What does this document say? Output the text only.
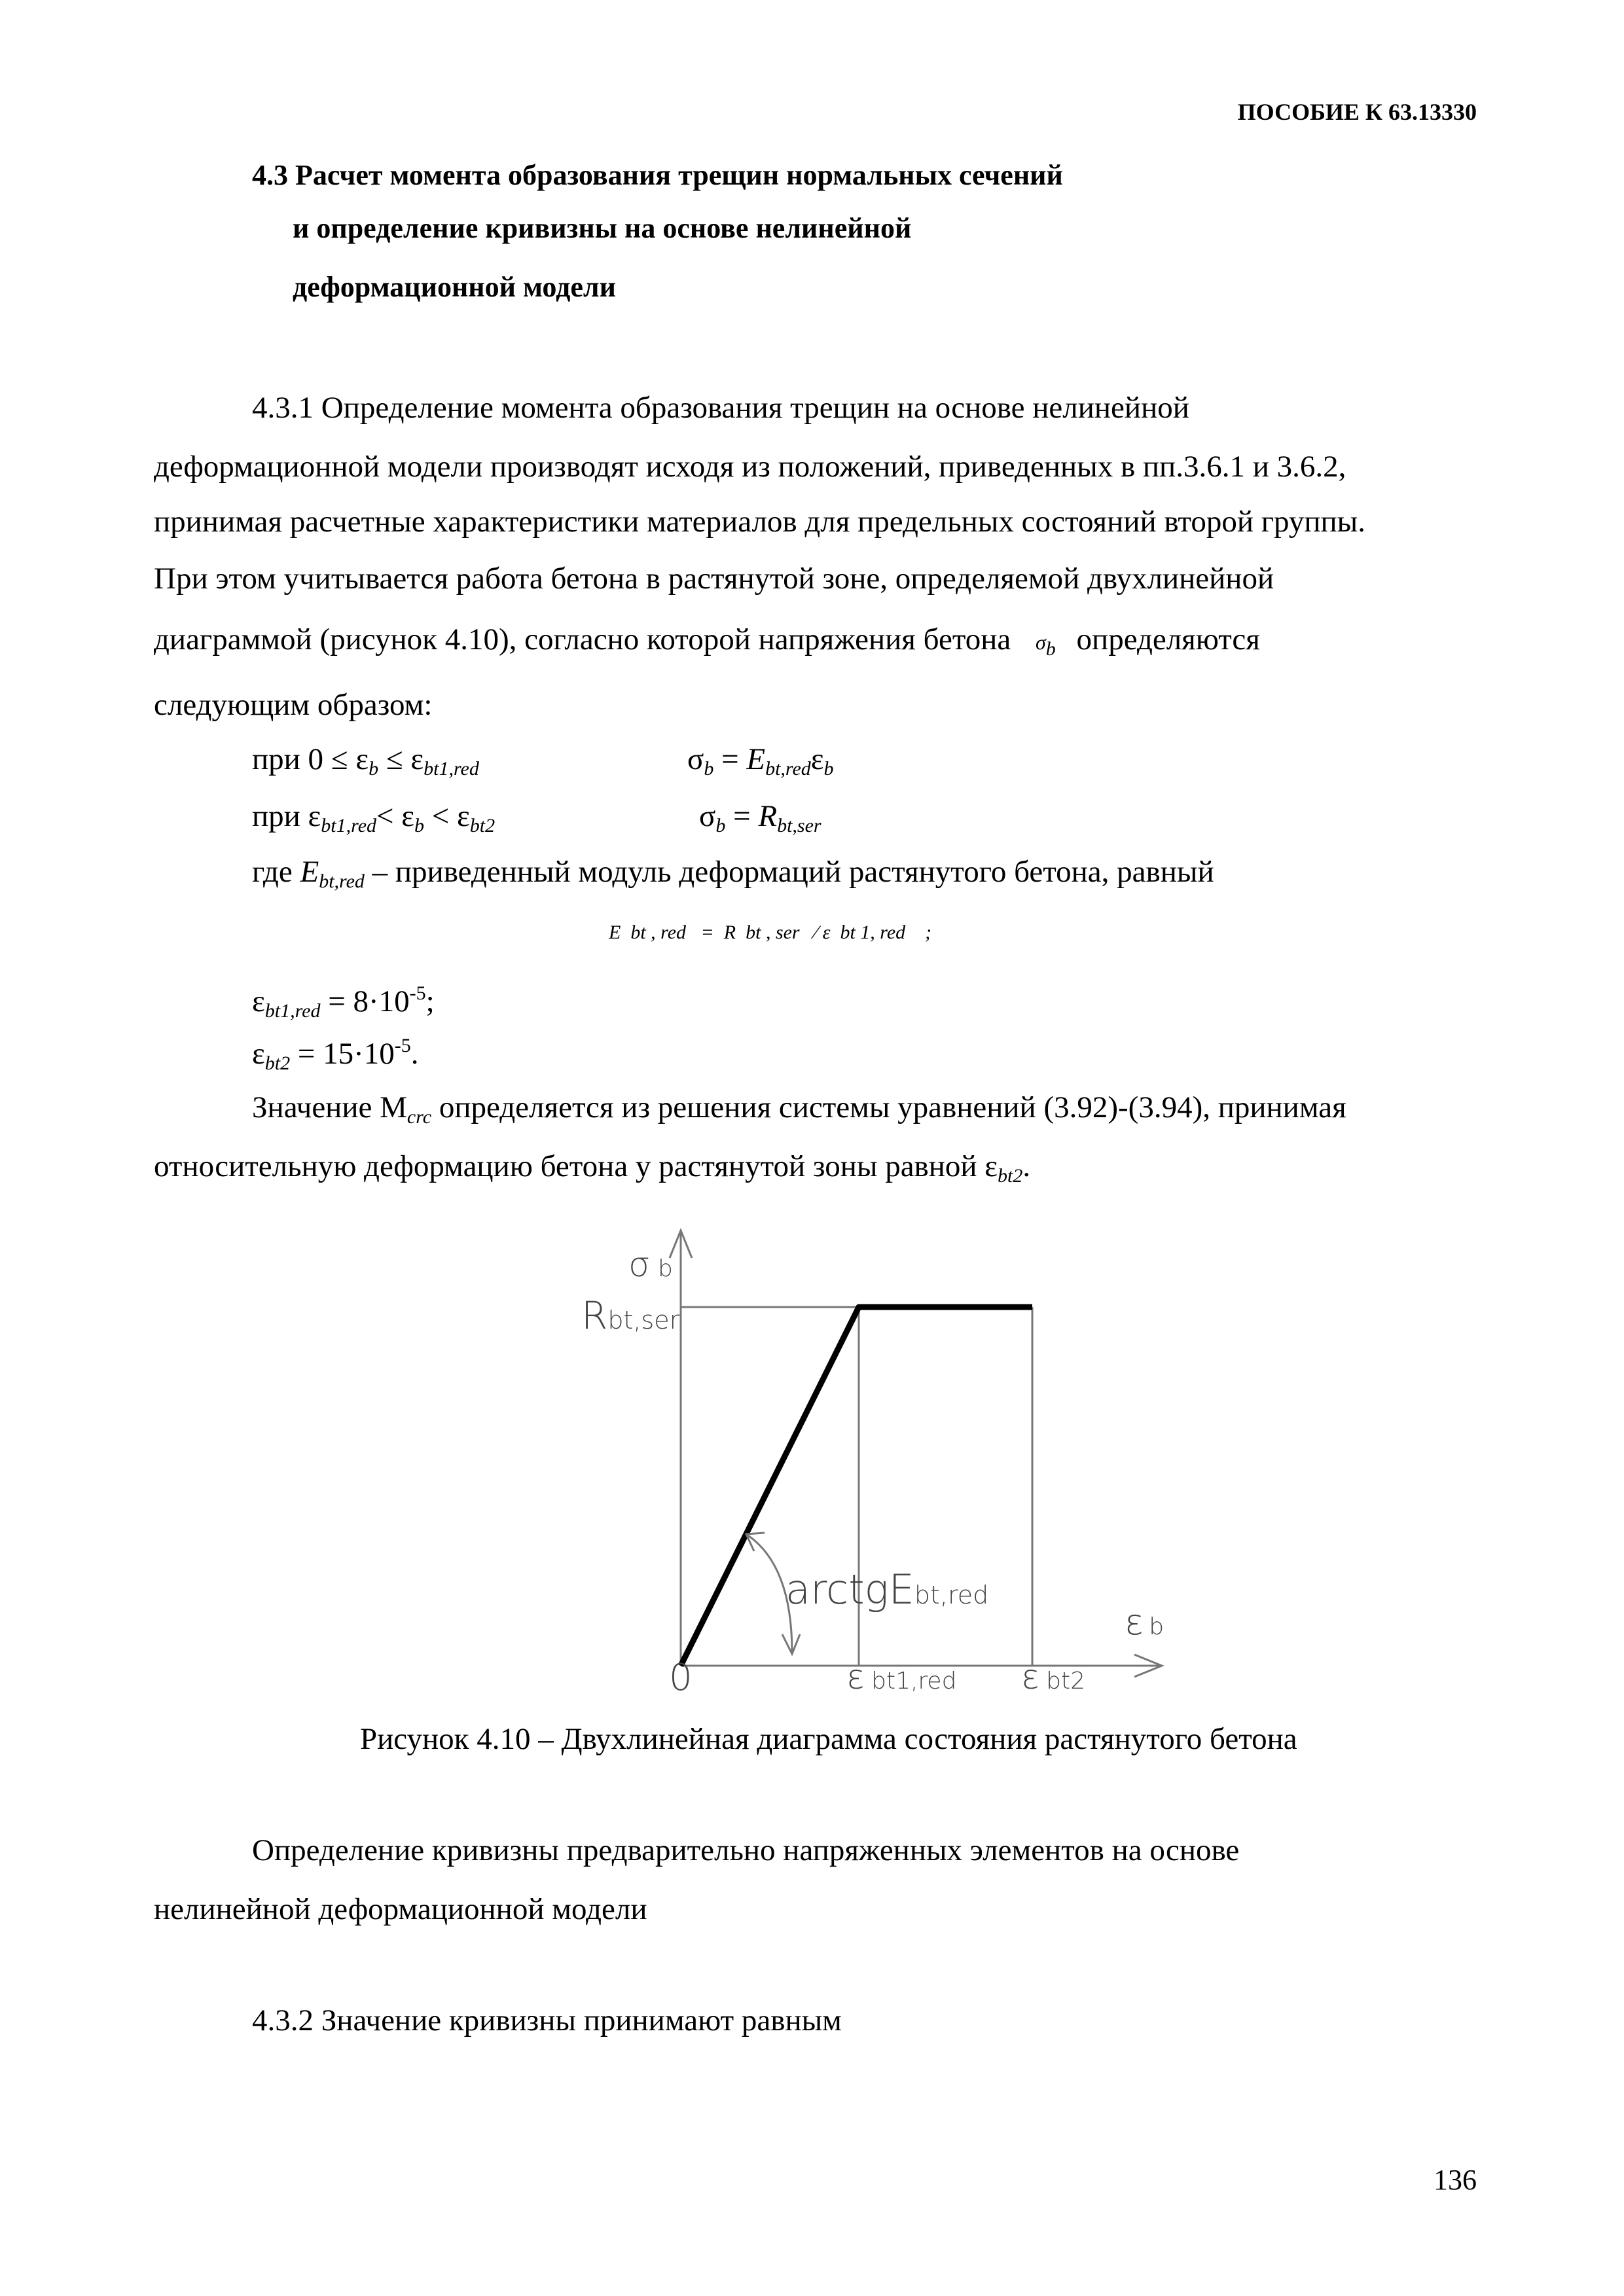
ПОСОБИЕ К 63.13330
4.3 Расчет момента образования трещин нормальных сечений
и определение кривизны на основе нелинейной
деформационной модели
4.3.1 Определение момента образования трещин на основе нелинейной
деформационной модели производят исходя из положений, приведенных в пп.3.6.1 и 3.6.2,
принимая расчетные характеристики материалов для предельных состояний второй группы.
При этом учитывается работа бетона в растянутой зоне, определяемой двухлинейной
диаграммой (рисунок 4.10), согласно которой напряжения бетона σb определяются
следующим образом:
при 0 ≤ εb ≤ εbt1,red	σb = Ebt,redεb
при εbt1,red< εb < εbt2	σb = Rbt,ser
где Ebt,red – приведенный модуль деформаций растянутого бетона, равный
E  bt , red   =  R  bt , ser   ⁄ ε  bt 1, red    ;
$\varepsilon bt1,red = 8\cdot 10^{-5}$;
$\varepsilon bt2 = 15\cdot 10^{-5}$.
Значение Mcrc определяется из решения системы уравнений (3.92)-(3.94), принимая
относительную деформацию бетона у растянутой зоны равной εbt2.
σ b
Rbt,ser
arctgEbt,red
εb
0	ε bt1,red ε bt2
Рисунок 4.10 – Двухлинейная диаграмма состояния растянутого бетона
Определение кривизны предварительно напряженных элементов на основе
нелинейной деформационной модели
4.3.2 Значение кривизны принимают равным
136
